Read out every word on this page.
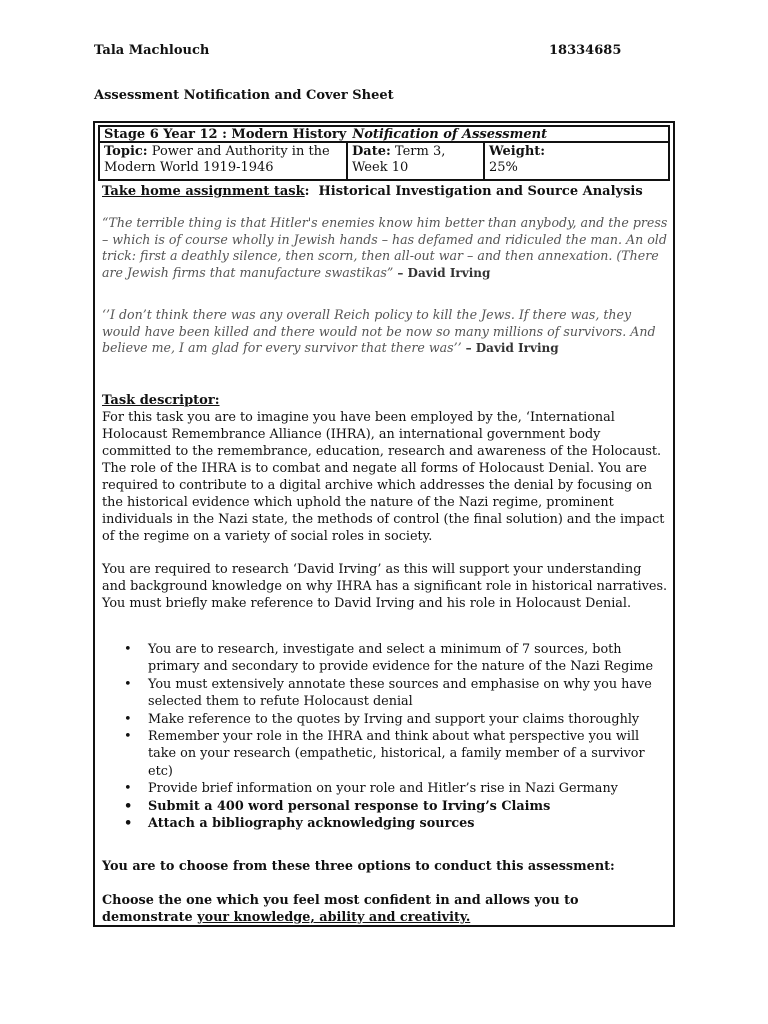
Tala Machlouch	18334685
Assessment Notification and Cover Sheet
Stage 6 Year 12 : Modern History Notification of Assessment
Topic: Power and Authority in the Modern World 1919-1946
Date: Term 3, Week 10
Weight:
25%

Take home assignment task: Historical Investigation and Source Analysis

“The terrible thing is that Hitler's enemies know him better than anybody, and the press – which is of course wholly in Jewish hands – has defamed and ridiculed the man. An old trick: first a deathly silence, then scorn, then all-out war – and then annexation. (There are Jewish firms that manufacture swastikas” – David Irving
‘’I don’t think there was any overall Reich policy to kill the Jews. If there was, they would have been killed and there would not be now so many millions of survivors. And believe me, I am glad for every survivor that there was’’ – David Irving
Task descriptor:
For this task you are to imagine you have been employed by the, ‘International Holocaust Remembrance Alliance (IHRA), an international government body committed to the remembrance, education, research and awareness of the Holocaust. The role of the IHRA is to combat and negate all forms of Holocaust Denial. You are required to contribute to a digital archive which addresses the denial by focusing on the historical evidence which uphold the nature of the Nazi regime, prominent individuals in the Nazi state, the methods of control (the final solution) and the impact of the regime on a variety of social roles in society.
You are required to research ‘David Irving’ as this will support your understanding and background knowledge on why IHRA has a significant role in historical narratives. You must briefly make reference to David Irving and his role in Holocaust Denial.
• You are to research, investigate and select a minimum of 7 sources, both primary and secondary to provide evidence for the nature of the Nazi Regime
• You must extensively annotate these sources and emphasise on why you have selected them to refute Holocaust denial
• Make reference to the quotes by Irving and support your claims thoroughly
• Remember your role in the IHRA and think about what perspective you will take on your research (empathetic, historical, a family member of a survivor etc)
• Provide brief information on your role and Hitler’s rise in Nazi Germany
• Submit a 400 word personal response to Irving’s Claims
• Attach a bibliography acknowledging sources
You are to choose from these three options to conduct this assessment:
Choose the one which you feel most confident in and allows you to demonstrate your knowledge, ability and creativity.
